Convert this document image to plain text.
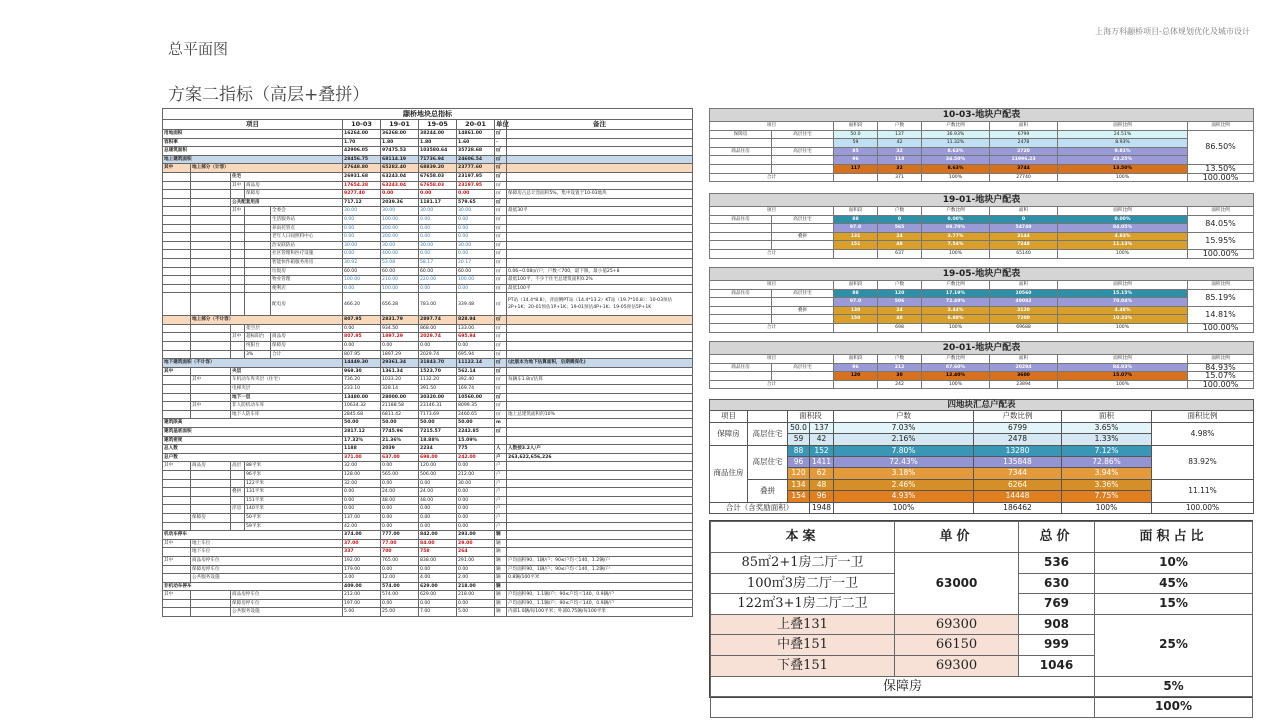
上海万科颛桥项目-总体规划优化及城市设计
总平面图
方案二指标（高层+叠拼）
颛桥地块总指标										
项目					10-03	19-01	19-05	20-01	单位	备注
用地面积					16264.00	36268.00	38244.00	14861.00	㎡	
容积率					1.70	1.80	1.80	1.60	-	
总建筑面积					42906.05	97475.53	103580.64	35728.68	㎡	
地上建筑面积					28456.75	68114.19	71736.94	24606.54	㎡	
其中	地上部分（计容）				27648.80	65282.40	68839.20	23777.60	㎡	
		住宅			26931.68	63243.04	67658.03	23197.95	㎡	
		其中	商品房		17654.28	63243.04	67658.03	23197.95	㎡	
			保障房		9277.40	0.00	0.00	0.00	㎡	保障房占总计容面积5%，集中设置于10-03地块
		公共配套用房			717.12	2039.36	1181.17	579.65	㎡	
		其中		全委会	30.00	30.00	30.00	30.00	㎡	最低30平
				生活服务站	0.00	100.00	0.00	0.00	㎡	
				养雨托管点	0.00	200.00	0.00	0.00	㎡	
				老年人日间照料中心	0.00	200.00	0.00	0.00	㎡	
				治安联防站	30.00	30.00	30.00	30.00	㎡	
				社区管理和医疗设施	0.00	400.00	0.00	0.00	㎡	
				智能快件箱服务用房	30.92	53.08	58.17	20.17	㎡	
				垃圾房	60.00	60.00	60.00	60.00	㎡	0.06~0.08㎡/户，户数＜700，最下限，最小值25+8
				物业管理	100.00	210.00	220.00	100.00	㎡	最低100平，不少于住宅总建筑面积0.2%
				便利店	0.00	100.00	0.00	0.00	㎡	最低100平
				配电房	466.20	656.28	783.00	339.48	㎡	PT站（14.4*8.8），背面侧PT站（14.4*13.2）KT站（19.7*10.8）；10-03预估2P+1K；20-01预估1P+1K；19-01预估4P+1K；19-05预估5P+1K
	地上部分（不计容）				807.95	2831.79	2897.74	828.94	㎡	
			架空层		0.00	934.50	868.00	133.00	㎡	
		其中	超标阳台	商品房	807.95	1897.29	2029.74	695.94	㎡	
			纯阳台	保障房	0.00	0.00	0.00	0.00	㎡	
			3%	合计	807.95	1897.29	2029.74	695.94	㎡	
地下建筑面积（不计容）					14449.30	29361.34	31843.70	11122.14	㎡	(此版本为地下估算面积，后期需深化)
其中		夹层			969.30	1361.34	1523.70	562.14	㎡	
	其中	车机动车库夹层（住宅）			736.20	1033.20	1132.20	392.40	㎡	每辆车1.8㎡估算
		电梯夹层			233.10	328.14	391.50	169.74	㎡	
		地下一层			13480.00	28000.00	30320.00	10560.00	㎡	
	其中	非人防机动车库			10634.32	21188.58	23146.31	8099.35	㎡	
		地下人防车库			2845.68	6811.42	7173.69	2460.65	㎡	地上总建筑面积的10%
建筑限高					50.00	50.00	50.00	50.00	m	
建筑基底面积					2817.12	7745.96	7215.57	2242.85	㎡	
建筑密度					17.32%	21.36%	18.88%	15.09%		
总人数					1188	2039	2234	775	人	人数按3.2人/户
总户数					371.00	637.00	698.00	242.00	户	263,622,656,226
其中	商品房	高层	88平米		32.00	0.00	120.00	0.00	户	
			96平米		128.00	565.00	506.00	212.00	户	
			122平米		32.00	0.00	0.00	30.00	户	
		叠拼	131平米		0.00	24.00	24.00	0.00	户	
			151平米		0.00	48.00	48.00	0.00	户	
		洋房	140平米		0.00	0.00	0.00	0.00	户	
	保障房		50平米		137.00	0.00	0.00	0.00	户	
			59平米		42.00	0.00	0.00	0.00	户	
机动车停车					374.00	777.00	842.00	293.00	辆	
其中	地上车位				37.00	77.00	84.00	29.00	辆	
	地下车位				337	700	758	264	辆	
其中	商品房停车位				192.00	765.00	838.00	291.00	辆	户均面积90，1辆/户；90≤户均＜140，1.2辆/户
	保障房停车位				179.00	0.00	0.00	0.00	辆	户均面积90，1辆/户；90≤户均＜140，1.2辆/户
	公共服务设施				3.00	12.00	4.00	2.00	辆	0.8辆/100平米
非机动车停车					409.00	574.00	629.00	218.00	辆	
其中		商品房停车位			212.00	574.00	629.00	218.00	辆	户均面积90，1.1辆/户；90≤户均＜140，0.9辆/户
		保障房停车位			197.00	0.00	0.00	0.00	辆	户均面积90，1.1辆/户；90≤户均＜140，0.9辆/户
		公共服务设施			5.00	25.00	7.00	5.00	辆	内部1.0辆/每100平米；外部0.75辆/每100平米
10-03-地块户配表							
项目		面积段	户数	户数比例	面积	面积比例	面积比例
保障房	高层住宅	50.0	137	36.93%	6799	24.51%	86.50%
		59	42	11.32%	2478	8.93%	
商品住房	高层住宅	85	32	8.63%	2720	9.81%	
		96	118	34.50%	11996.23	43.25%	
		117	32	8.63%	3744	13.50%	13.50%
合计			371	100%	27740	100%	100.00%
19-01-地块户配表							
项目		面积段	户数	户数比例	面积	面积比例	面积比例
商品住房	高层住宅	88	0	0.00%	0	0.00%	84.05%
		97.0	565	88.70%	54749	84.05%	
	叠拼	131	24	3.77%	3144	4.83%	15.95%
		151	48	7.54%	7248	11.13%	
合计			637	100%	65140	100%	100.00%
19-05-地块户配表							
项目		面积段	户数	户数比例	面积	面积比例	面积比例
商品住房	高层住宅	88	120	17.19%	10560	15.15%	85.19%
		97.0	506	72.49%	49082	70.04%	
	叠拼	130	24	3.44%	3120	4.48%	14.81%
		150	48	6.88%	7200	10.33%	
合计			698	100%	69688	100%	100.00%
20-01-地块户配表							
项目		面积段	户数	户数比例	面积	面积比例	面积比例
商品住房	高层住宅	96	212	87.60%	20294	84.93%	84.93%
		120	30	12.40%	3600	15.07%	15.07%
合计			242	100%	23894	100%	100.00%
四地块汇总户配表								
项目		面积段		户数	户数比例	面积	面积比例	
保障房	高层住宅	50.0	137	7.03%	6799	3.65%	4.98%	
		59	42	2.16%	2478	1.33%		
商品住房	高层住宅	88	152	7.80%	13280	7.12%	83.92%	
		96	1411	72.43%	135848	72.86%		
		120	62	3.18%	7344	3.94%		
	叠拼	134	48	2.46%	6264	3.36%	11.11%	
		154	96	4.93%	14448	7.75%		
合计（含奖励面积）			1948	100%	186462	100%	100.00%	
本案	单价	总价	面积占比
85㎡2+1房二厅一卫	63000	536	10%
100㎡3房二厅一卫		630	45%
122㎡3+1房二厅二卫		769	15%
上叠131	69300	908	25%
中叠151	66150	999	
下叠151	69300	1046	
保障房			5%
			100%
